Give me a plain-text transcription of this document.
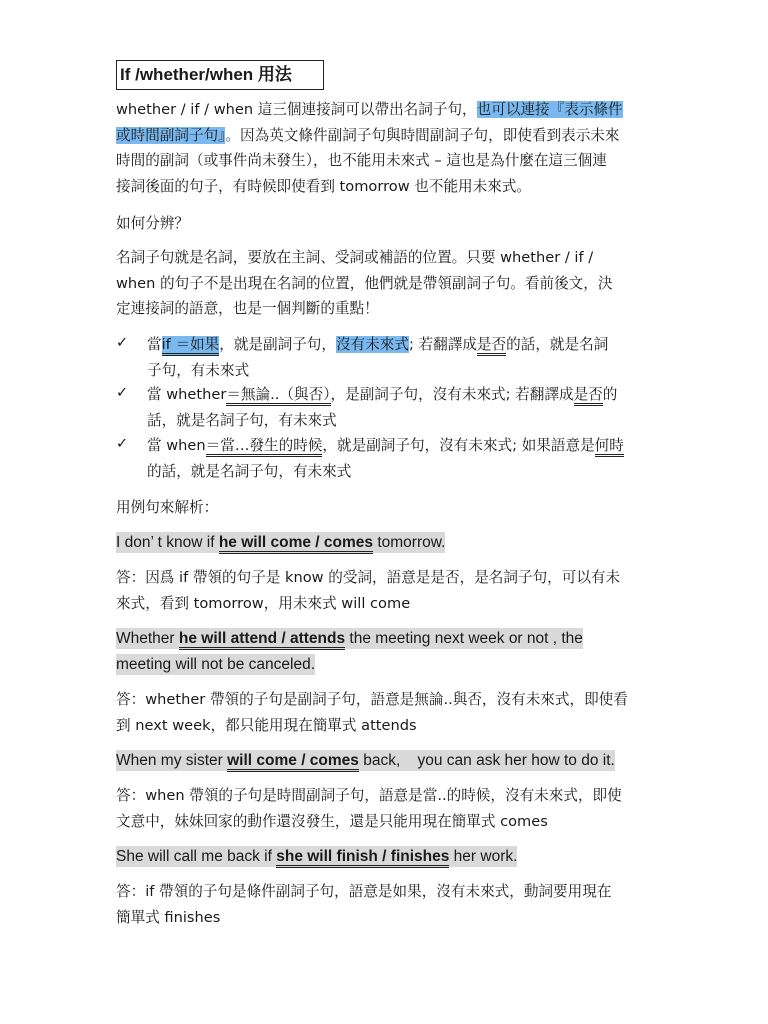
If /whether/when 用法
whether / if / when 這三個連接詞可以帶出名詞子句，也可以連接『表示條件
或時間副詞子句』。因為英文條件副詞子句與時間副詞子句，即使看到表示未來
時間的副詞（或事件尚未發生），也不能用未來式 – 這也是為什麼在這三個連
接詞後面的句子，有時候即使看到 tomorrow 也不能用未來式。
如何分辨？
名詞子句就是名詞，要放在主詞、受詞或補語的位置。只要 whether / if /
when 的句子不是出現在名詞的位置，他們就是帶領副詞子句。看前後文，決
定連接詞的語意，也是一個判斷的重點！
✓ 當if ＝如果，就是副詞子句，沒有未來式; 若翻譯成是否的話，就是名詞
子句，有未來式
✓ 當 whether＝無論..（與否），是副詞子句，沒有未來式; 若翻譯成是否的
話，就是名詞子句，有未來式
✓ 當 when＝當…發生的時候，就是副詞子句，沒有未來式; 如果語意是何時
的話，就是名詞子句，有未來式
用例句來解析：
I don’ t know if he will come / comes tomorrow.
答：因爲 if 帶領的句子是 know 的受詞，語意是是否，是名詞子句，可以有未
來式，看到 tomorrow，用未來式 will come
Whether he will attend / attends the meeting next week or not , the
meeting will not be canceled.
答：whether 帶領的子句是副詞子句，語意是無論..與否，沒有未來式，即使看
到 next week，都只能用現在簡單式 attends
When my sister will come / comes back,    you can ask her how to do it.
答：when 帶領的子句是時間副詞子句，語意是當..的時候，沒有未來式，即使
文意中，妹妹回家的動作還沒發生，還是只能用現在簡單式 comes
She will call me back if she will finish / finishes her work.
答：if 帶領的子句是條件副詞子句，語意是如果，沒有未來式，動詞要用現在
簡單式 finishes
